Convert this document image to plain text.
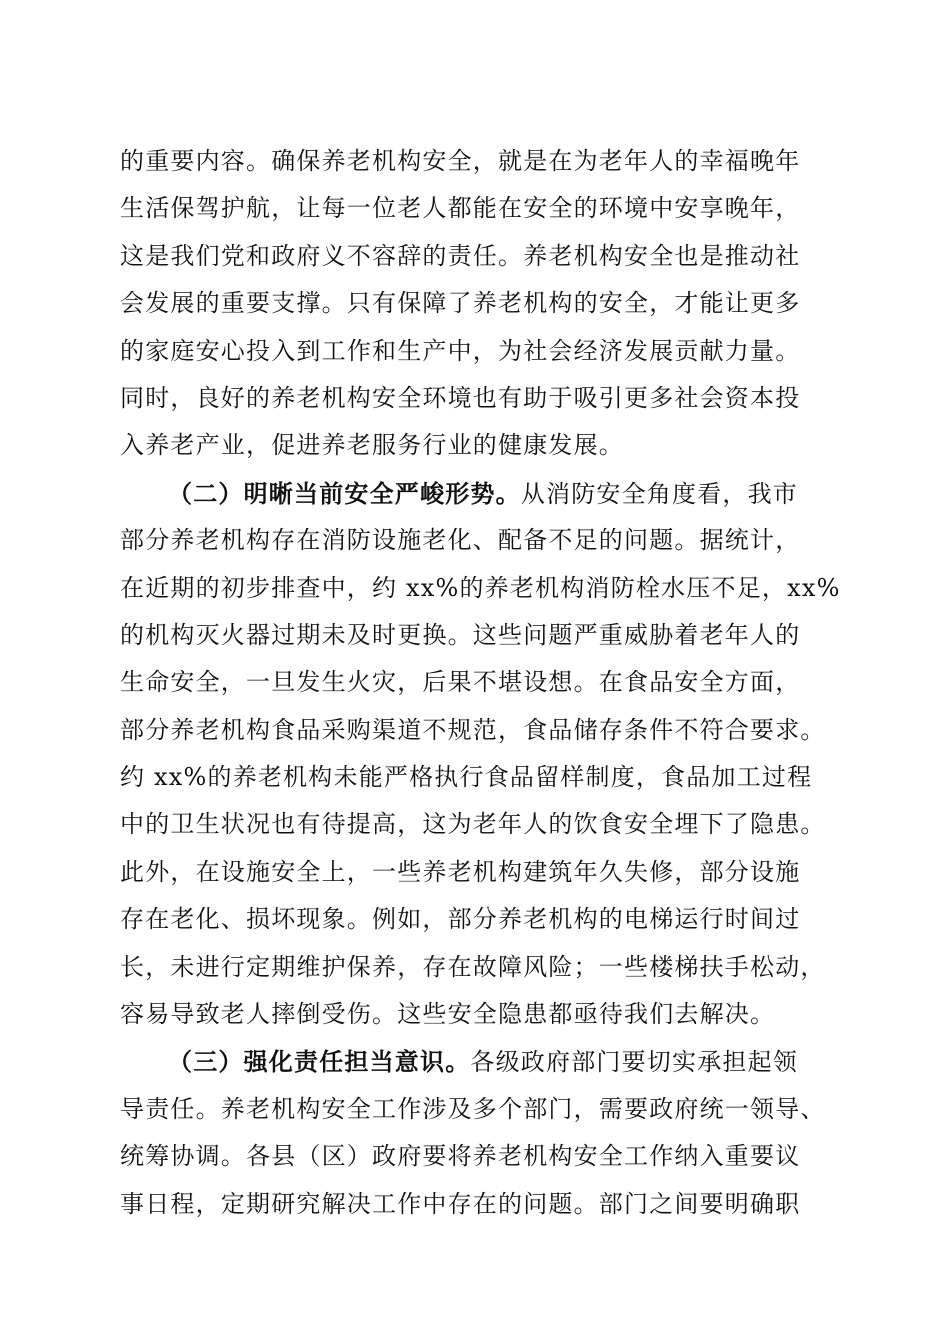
的重要内容。确保养老机构安全，就是在为老年人的幸福晚年
生活保驾护航，让每一位老人都能在安全的环境中安享晚年，
这是我们党和政府义不容辞的责任。养老机构安全也是推动社
会发展的重要支撑。只有保障了养老机构的安全，才能让更多
的家庭安心投入到工作和生产中，为社会经济发展贡献力量。
同时，良好的养老机构安全环境也有助于吸引更多社会资本投
入养老产业，促进养老服务行业的健康发展。
（二）明晰当前安全严峻形势。从消防安全角度看，我市
部分养老机构存在消防设施老化、配备不足的问题。据统计，
在近期的初步排查中，约 xx%的养老机构消防栓水压不足，xx%
的机构灭火器过期未及时更换。这些问题严重威胁着老年人的
生命安全，一旦发生火灾，后果不堪设想。在食品安全方面，
部分养老机构食品采购渠道不规范，食品储存条件不符合要求。
约 xx%的养老机构未能严格执行食品留样制度，食品加工过程
中的卫生状况也有待提高，这为老年人的饮食安全埋下了隐患。
此外，在设施安全上，一些养老机构建筑年久失修，部分设施
存在老化、损坏现象。例如，部分养老机构的电梯运行时间过
长，未进行定期维护保养，存在故障风险；一些楼梯扶手松动，
容易导致老人摔倒受伤。这些安全隐患都亟待我们去解决。
（三）强化责任担当意识。各级政府部门要切实承担起领
导责任。养老机构安全工作涉及多个部门，需要政府统一领导、
统筹协调。各县（区）政府要将养老机构安全工作纳入重要议
事日程，定期研究解决工作中存在的问题。部门之间要明确职
